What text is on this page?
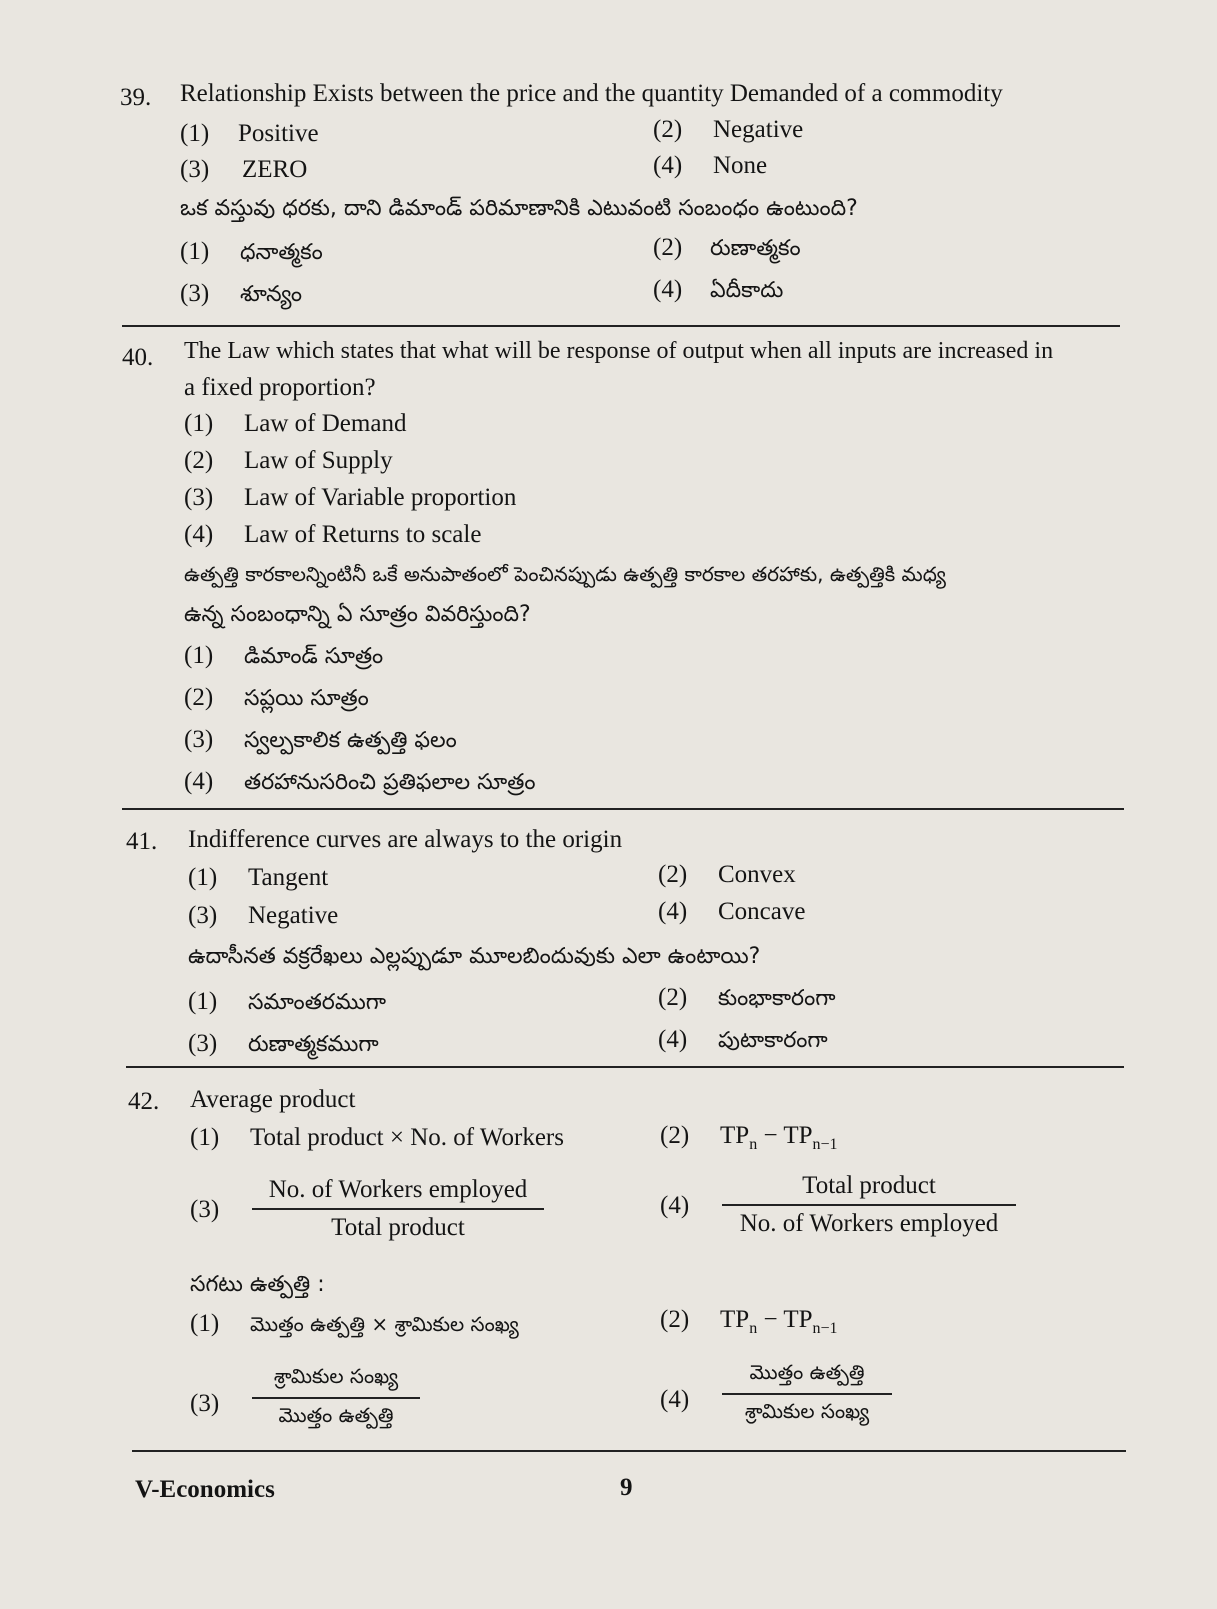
39. Relationship Exists between the price and the quantity Demanded of a commodity
(1) Positive	(2) Negative
(3) ZERO	(4) None
ఒక వస్తువు ధరకు, దాని డిమాండ్ పరిమాణానికి ఎటువంటి సంబంధం ఉంటుంది?
(1) ధనాత్మకం	(2) రుణాత్మకం
(3) శూన్యం	(4) ఏదీకాదు
40. The Law which states that what will be response of output when all inputs are increased in
a fixed proportion?
(1) Law of Demand
(2) Law of Supply
(3) Law of Variable proportion
(4) Law of Returns to scale
ఉత్పత్తి కారకాలన్నింటినీ ఒకే అనుపాతంలో పెంచినప్పుడు ఉత్పత్తి కారకాల తరహాకు, ఉత్పత్తికి మధ్య
ఉన్న సంబంధాన్ని ఏ సూత్రం వివరిస్తుంది?
(1) డిమాండ్ సూత్రం
(2) సప్లయి సూత్రం
(3) స్వల్పకాలిక ఉత్పత్తి ఫలం
(4) తరహానుసరించి ప్రతిఫలాల సూత్రం
41. Indifference curves are always to the origin
(1) Tangent	(2) Convex
(3) Negative	(4) Concave
ఉదాసీనత వక్రరేఖలు ఎల్లప్పుడూ మూలబిందువుకు ఎలా ఉంటాయి?
(1) సమాంతరముగా	(2) కుంభాకారంగా
(3) రుణాత్మకముగా	(4) పుటాకారంగా
42. Average product
(1) Total product × No. of Workers	(2) $TP_n - TP_{n-1}$
(3)
No. of Workers employed
Total product
(4)
Total product
No. of Workers employed
సగటు ఉత్పత్తి :
(1) మొత్తం ఉత్పత్తి × శ్రామికుల సంఖ్య	(2) $TP_n - TP_{n-1}$
(3)
శ్రామికుల సంఖ్య
మొత్తం ఉత్పత్తి
(4)
మొత్తం ఉత్పత్తి
శ్రామికుల సంఖ్య
V-Economics	9
